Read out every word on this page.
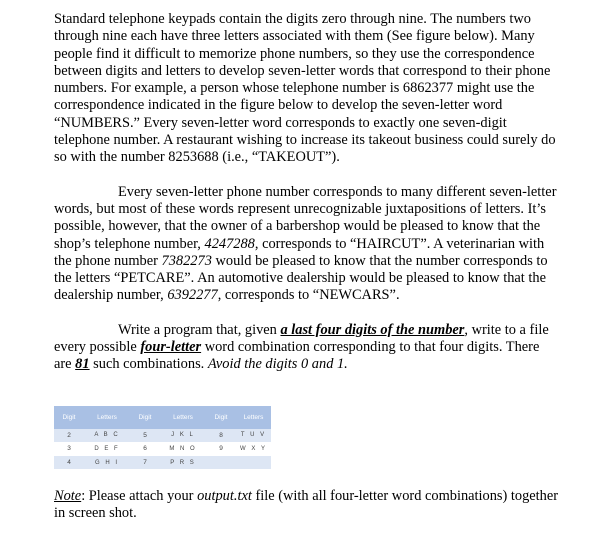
Standard telephone keypads contain the digits zero through nine. The numbers two through nine each have three letters associated with them (See figure below). Many people find it difficult to memorize phone numbers, so they use the correspondence between digits and letters to develop seven-letter words that correspond to their phone numbers. For example, a person whose telephone number is 6862377 might use the correspondence indicated in the figure below to develop the seven-letter word “NUMBERS.” Every seven-letter word corresponds to exactly one seven-digit telephone number. A restaurant wishing to increase its takeout business could surely do so with the number 8253688 (i.e., “TAKEOUT”).

Every seven-letter phone number corresponds to many different seven-letter words, but most of these words represent unrecognizable juxtapositions of letters. It’s possible, however, that the owner of a barbershop would be pleased to know that the shop’s telephone number, 4247288, corresponds to “HAIRCUT”. A veterinarian with the phone number 7382273 would be pleased to know that the number corresponds to the letters “PETCARE”. An automotive dealership would be pleased to know that the dealership number, 6392277, corresponds to “NEWCARS”.

Write a program that, given a last four digits of the number, write to a file every possible four-letter word combination corresponding to that four digits. There are 81 such combinations. Avoid the digits 0 and 1.

Digit	Letters	Digit	Letters	Digit	Letters
2	A B C	5	J K L	8	T U V
3	D E F	6	M N O	9	W X Y
4	G H I	7	P R S		

Note: Please attach your output.txt file (with all four-letter word combinations) together in screen shot.
